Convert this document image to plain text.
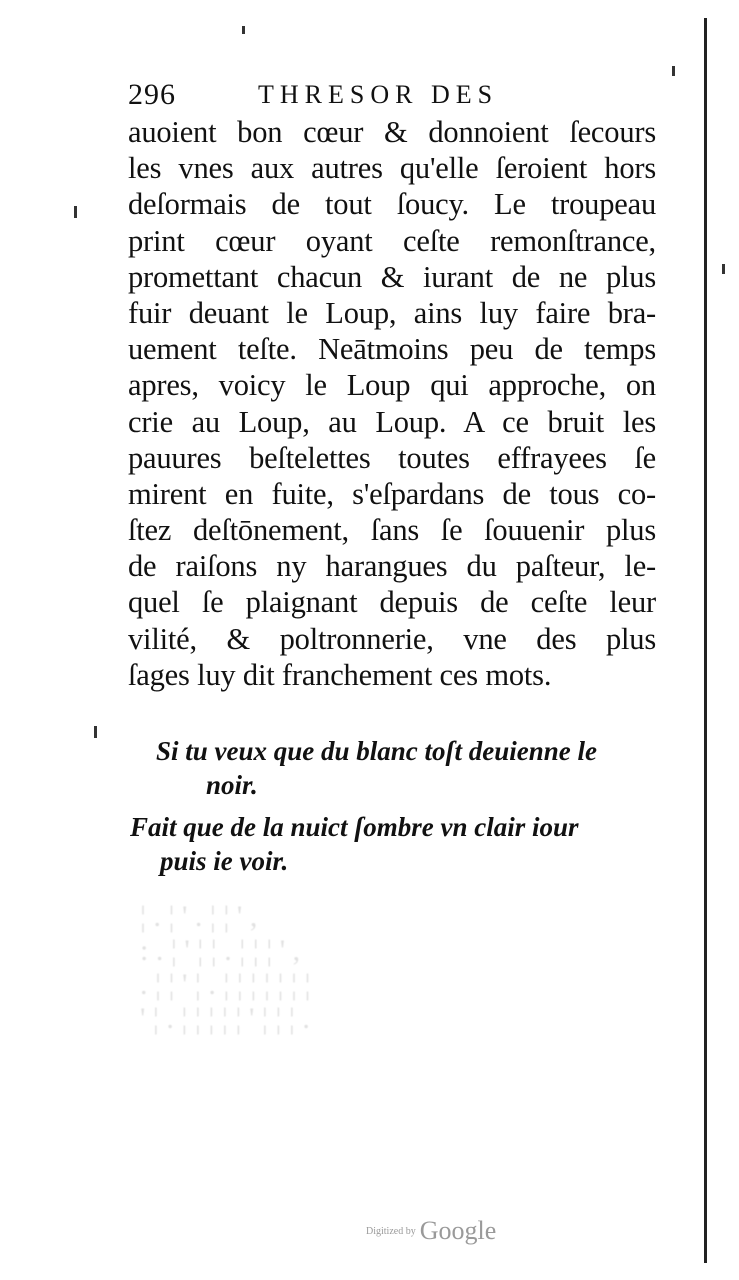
296	THRESOR DES
auoient bon cœur & donnoient ſecours
les vnes aux autres qu'elle ſeroient hors
deſormais de tout ſoucy. Le troupeau
print cœur oyant ceſte remonſtrance,
promettant chacun & iurant de ne plus
fuir deuant le Loup, ains luy faire bra-
uement teſte. Neātmoins peu de temps
apres, voicy le Loup qui approche, on
crie au Loup, au Loup. A ce bruit les
pauures beſtelettes toutes effrayees ſe
mirent en fuite, s'eſpardans de tous co-
ſtez deſtōnement, ſans ſe ſouuenir plus
de raiſons ny harangues du paſteur, le-
quel ſe plaignant depuis de ceſte leur
vilité, & poltronnerie, vne des plus
ſages luy dit franchement ces mots.
Si tu veux que du blanc toſt deuienne le
noir.
Fait que de la nuict ſombre vn clair iour
puis ie voir.
¦ . ¦ ' . ¦ ¦ ' ,
: . ¦ ' ¦ ¦ . ¦ ¦ ¦ ' ,
. ¦ ¦ ' ¦ . ¦ ¦ ¦ ¦ ¦ ¦ ¦
' ¦ . ¦ ¦ ¦ ¦ ¦ ' ¦ ¦ ¦ .
Digitized by Google
